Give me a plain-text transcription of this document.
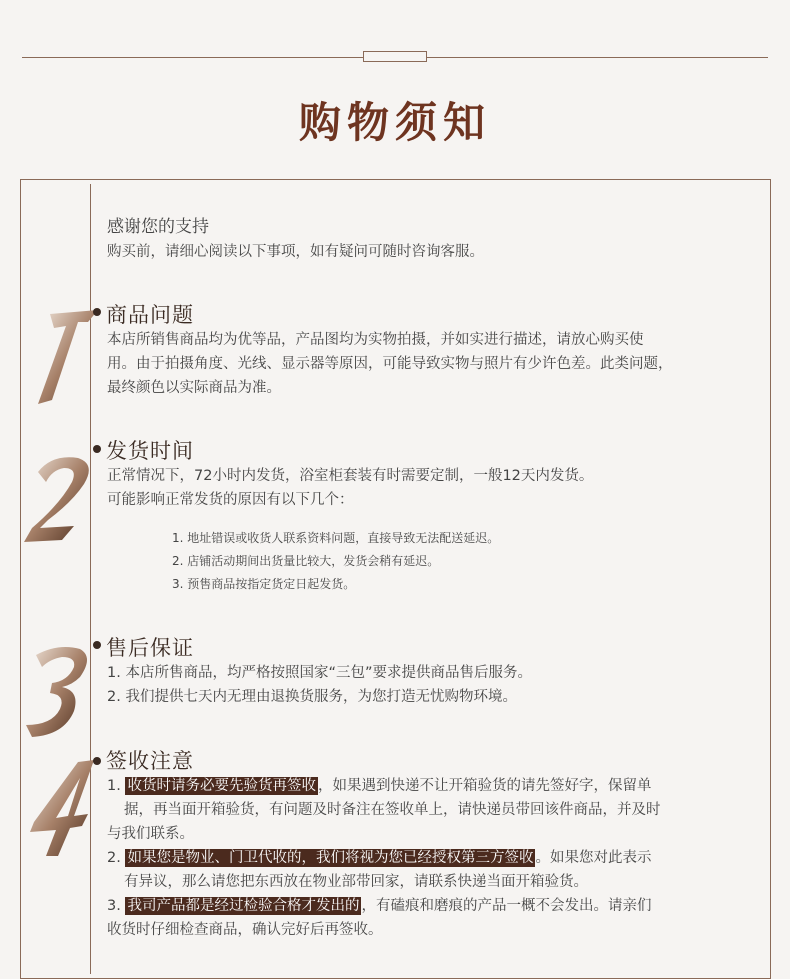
购物须知
感谢您的支持
购买前，请细心阅读以下事项，如有疑问可随时咨询客服。
商品问题

本店所销售商品均为优等品，产品图均为实物拍摄，并如实进行描述，请放心购买使

用。由于拍摄角度、光线、显示器等原因，可能导致实物与照片有少许色差。此类问题，

最终颜色以实际商品为准。

发货时间

正常情况下，72小时内发货，浴室柜套装有时需要定制，一般12天内发货。

可能影响正常发货的原因有以下几个：

1. 地址错误或收货人联系资料问题，直接导致无法配送延迟。

2. 店铺活动期间出货量比较大，发货会稍有延迟。

3. 预售商品按指定货定日起发货。

售后保证

1. 本店所售商品，均严格按照国家“三包”要求提供商品售后服务。

2. 我们提供七天内无理由退换货服务，为您打造无忧购物环境。

签收注意

1. 收货时请务必要先验货再签收 ，如果遇到快递不让开箱验货的请先签好字，保留单

据，再当面开箱验货，有问题及时备注在签收单上，请快递员带回该件商品，并及时

与我们联系。

2. 如果您是物业、门卫代收的，我们将视为您已经授权第三方签收 。如果您对此表示

有异议，那么请您把东西放在物业部带回家，请联系快递当面开箱验货。

3. 我司产品都是经过检验合格才发出的 ，有磕痕和磨痕的产品一概不会发出。请亲们

收货时仔细检查商品，确认完好后再签收。
